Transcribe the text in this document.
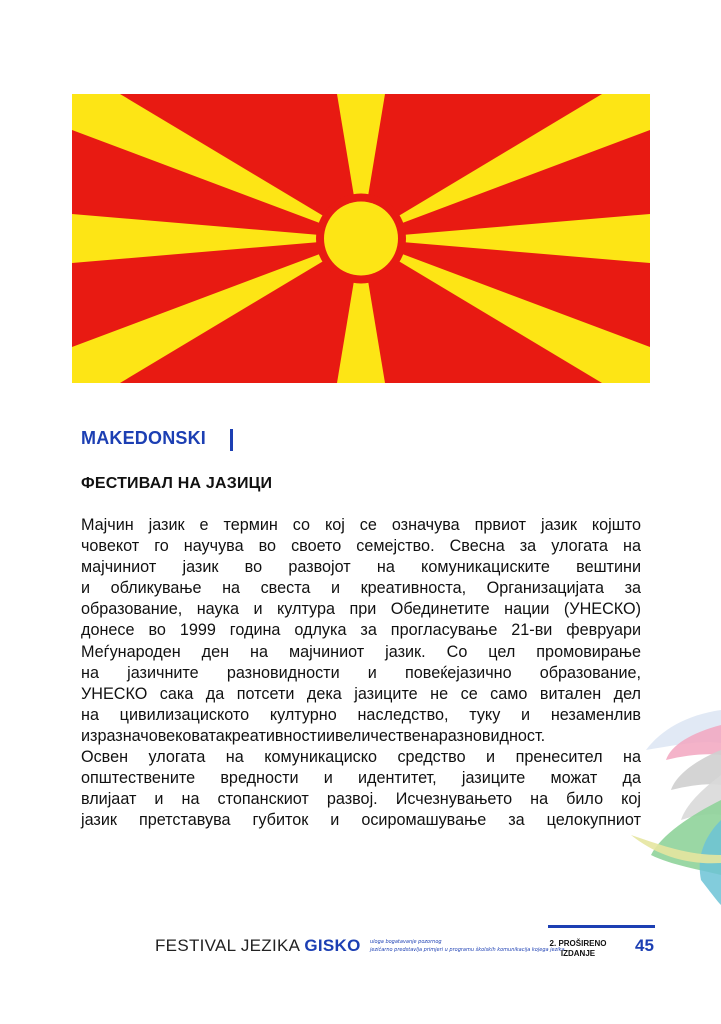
MAKEDONSKI
ФЕСТИВАЛ НА ЈАЗИЦИ
Мајчин јазик е термин со кој се означува првиот јазик којшто
човекот го научува во своето семејство. Свесна за улогата на
мајчиниот јазик во развојот на комуникациските вештини
и обликување на свеста и креативноста, Организацијата за
образование, наука и култура при Обединетите нации (УНЕСКО)
донесе во 1999 година одлука за прогласување 21-ви февруари
Меѓународен ден на мајчиниот јазик. Со цел промовирање
на јазичните разновидности и повеќејазично образование,
УНЕСКО сака да потсети дека јазиците не се само витален дел
на цивилизациското културно наследство, туку и незаменлив
изразначовековатакреативностиивеличественаразновидност.
Освен улогата на комуникациско средство и пренесител на
општествените вредности и идентитет, јазиците можат да
влијаат и на стопанскиот развој. Исчезнувањето на било кој
јазик претставува губиток и осиромашување за целокупниот
FESTIVAL JEZIKA GISKO uloga bogatavanje pozornog jezičarno predstavlja primjeri u programu školskih komunikacija kojega jezika
2. PROŠIRENO IZDANJE	45
